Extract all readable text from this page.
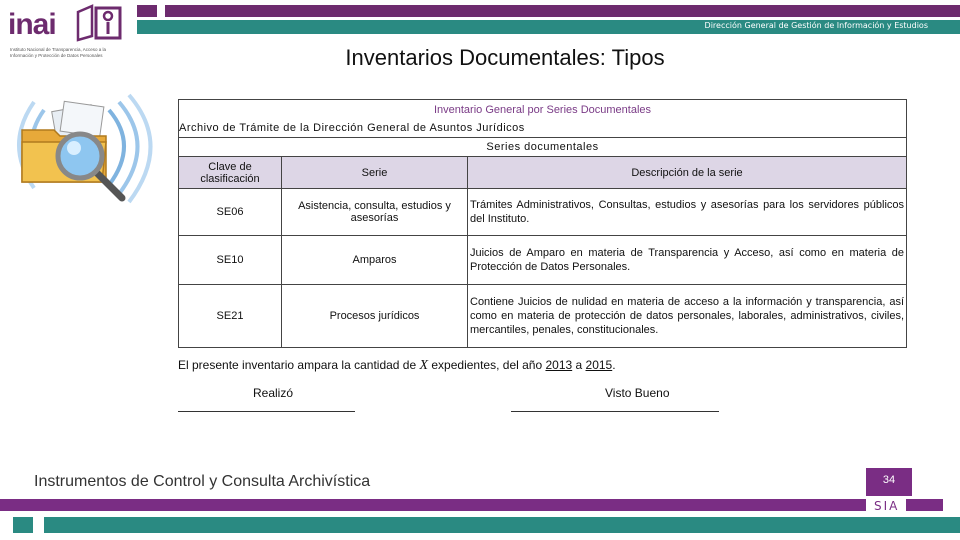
Dirección General de Gestión de Información y Estudios
inai
Instituto Nacional de Transparencia, Acceso a la
Información y Protección de Datos Personales	Inventarios Documentales: Tipos
Inventario General por Series Documentales		
Archivo de Trámite de la Dirección General de Asuntos Jurídicos		
Series documentales		
Clave de clasificación	Serie	Descripción de la serie
SE06	Asistencia, consulta, estudios y asesorías	Trámites Administrativos, Consultas, estudios y asesorías para los servidores públicos del Instituto.
SE10	Amparos	Juicios de Amparo en materia de Transparencia y Acceso, así como en materia de Protección de Datos Personales.
SE21	Procesos jurídicos	Contiene Juicios de nulidad en materia de acceso a la información y transparencia, así como en materia de protección de datos personales, laborales, administrativos, civiles, mercantiles, penales, constitucionales.
El presente inventario ampara la cantidad de X expedientes, del año 2013 a 2015.
Realizó	Visto Bueno
Instrumentos de Control y Consulta Archivística	34
SIA
